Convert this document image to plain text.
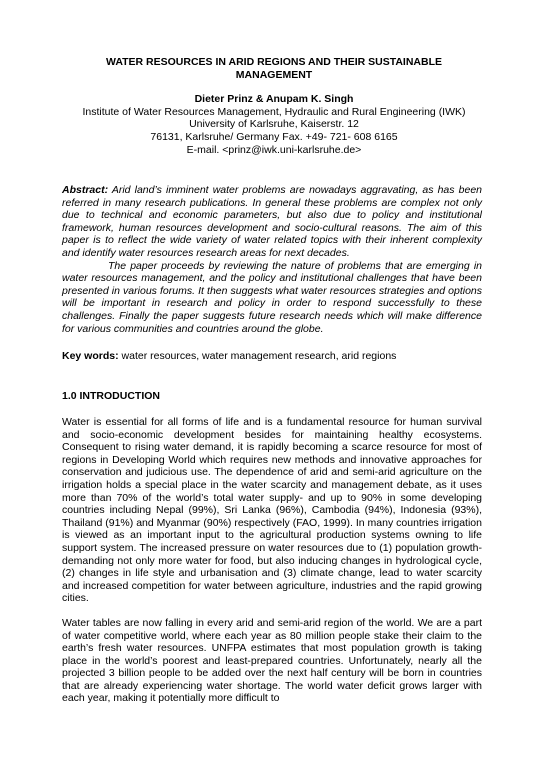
WATER RESOURCES IN ARID REGIONS AND THEIR SUSTAINABLE
MANAGEMENT
Dieter Prinz & Anupam K. Singh
Institute of Water Resources Management, Hydraulic and Rural Engineering (IWK)
University of Karlsruhe, Kaiserstr. 12
76131, Karlsruhe/ Germany Fax. +49- 721- 608 6165
E-mail. <prinz@iwk.uni-karlsruhe.de>

Abstract: Arid land’s imminent water problems are nowadays aggravating, as has been referred in many research publications. In general these problems are complex not only due to technical and economic parameters, but also due to policy and institutional framework, human resources development and socio-cultural reasons. The aim of this paper is to reflect the wide variety of water related topics with their inherent complexity and identify water resources research areas for next decades.

The paper proceeds by reviewing the nature of problems that are emerging in water resources management, and the policy and institutional challenges that have been presented in various forums. It then suggests what water resources strategies and options will be important in research and policy in order to respond successfully to these challenges. Finally the paper suggests future research needs which will make difference for various communities and countries around the globe.

Key words: water resources, water management research, arid regions
1.0 INTRODUCTION

Water is essential for all forms of life and is a fundamental resource for human survival and socio-economic development besides for maintaining healthy ecosystems. Consequent to rising water demand, it is rapidly becoming a scarce resource for most of regions in Developing World which requires new methods and innovative approaches for conservation and judicious use. The dependence of arid and semi-arid agriculture on the irrigation holds a special place in the water scarcity and management debate, as it uses more than 70% of the world’s total water supply- and up to 90% in some developing countries including Nepal (99%), Sri Lanka (96%), Cambodia (94%), Indonesia (93%), Thailand (91%) and Myanmar (90%) respectively (FAO, 1999). In many countries irrigation is viewed as an important input to the agricultural production systems owning to life support system. The increased pressure on water resources due to (1) population growth- demanding not only more water for food, but also inducing changes in hydrological cycle, (2) changes in life style and urbanisation and (3) climate change, lead to water scarcity and increased competition for water between agriculture, industries and the rapid growing cities.

Water tables are now falling in every arid and semi-arid region of the world. We are a part of water competitive world, where each year as 80 million people stake their claim to the earth’s fresh water resources. UNFPA estimates that most population growth is taking place in the world’s poorest and least-prepared countries. Unfortunately, nearly all the projected 3 billion people to be added over the next half century will be born in countries that are already experiencing water shortage. The world water deficit grows larger with each year, making it potentially more difficult to
